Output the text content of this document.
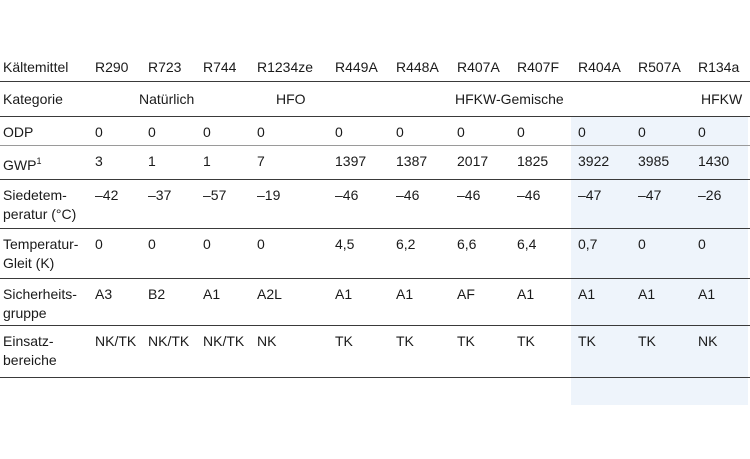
Kältemittel R290 R723 R744 R1234ze R449A R448A R407A R407F R404A R507A R134a
Kategorie	Natürlich	HFO	HFKW-Gemische	HFKW
ODP	0	0	0	0	0	0	0	0	0	0	0
GWP$^1$	3	1	1	7	1397 1387 2017 1825 3922 3985 1430
Siedetem-
peratur (°C)
–42 –37 –57 –19	–46	–46	–46	–46	–47	–47	–26
Temperatur-
Gleit (K)
0	0	0	0	4,5	6,2	6,6	6,4	0,7	0	0
Sicherheits-
gruppe
A3	B2	A1	A2L	A1	A1	AF	A1	A1	A1	A1
Einsatz-
bereiche
NK/TK NK/TK NK/TK NK	TK	TK	TK	TK	TK	TK	NK
